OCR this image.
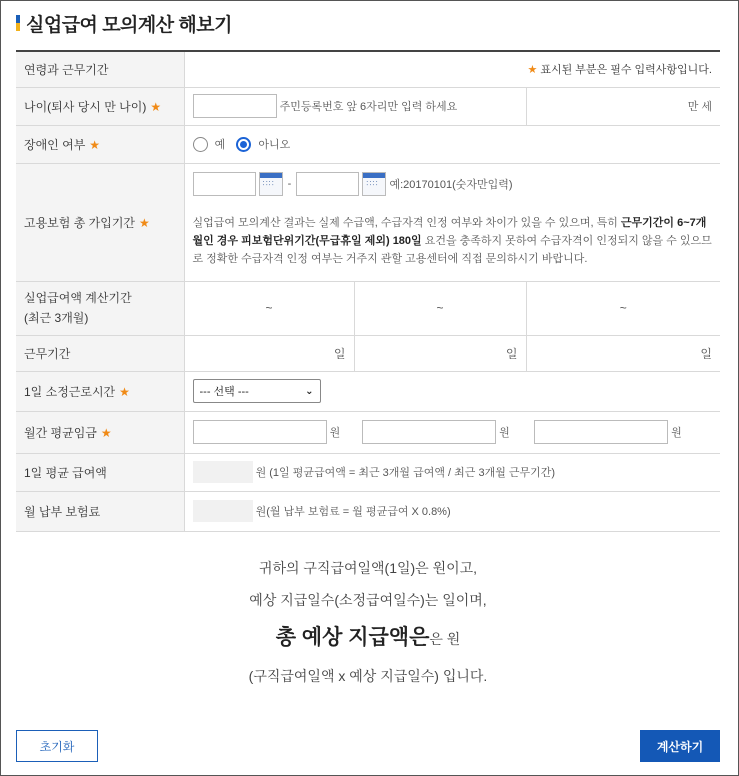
실업급여 모의계산 해보기
연령과 근무기간	★ 표시된 부분은 필수 입력사항입니다.		
나이(퇴사 당시 만 나이) ★	주민등록번호 앞 6자리만 입력 하세요		만 세
장애인 여부 ★	예 아니오		
고용보험 총 가입기간 ★	
∷∷ - ∷∷ 예:20170101(숫자만입력)
실업급여 모의계산 결과는 실제 수급액, 수급자격 인정 여부와 차이가 있을 수 있으며, 특히 근무기간이 6~7개월인 경우 피보험단위기간(무급휴일 제외) 180일 요건을 충족하지 못하여 수급자격이 인정되지 않을 수 있으므로 정확한 수급자격 인정 여부는 거주지 관할 고용센터에 직접 문의하시기 바랍니다.

실업급여액 계산기간
(최근 3개월)	~	~	~
근무기간	일	일	일
1일 소정근로시간 ★	--- 선택 --- ⌄		

월간 평균임금 ★	원	원	원
1일 평균 급여액	원 (1일 평균급여액 = 최근 3개월 급여액 / 최근 3개월 근무기간)		
월 납부 보험료	원(월 납부 보험료 = 월 평균급여 X 0.8%)		
귀하의 구직급여일액(1일)은 원이고,
예상 지급일수(소정급여일수)는 일이며,
총 예상 지급액은은 원
(구직급여일액 x 예상 지급일수) 입니다.
초기화	계산하기
